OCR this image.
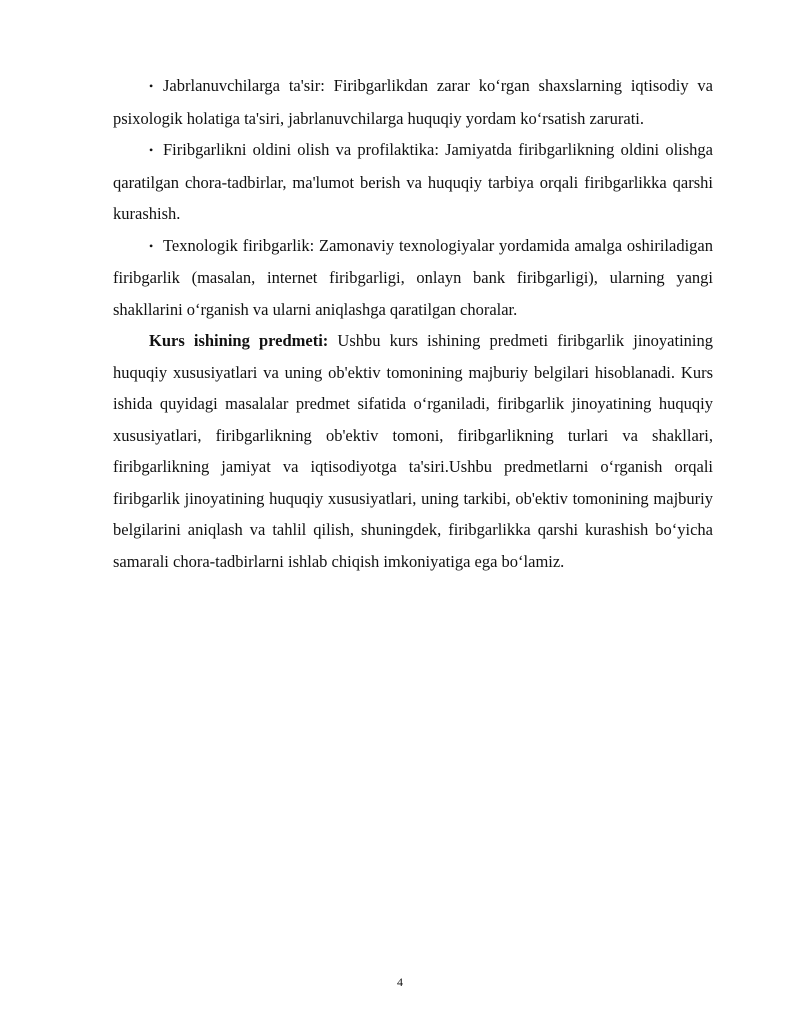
• Jabrlanuvchilarga ta'sir: Firibgarlikdan zarar ko‘rgan shaxslarning iqtisodiy va psixologik holatiga ta'siri, jabrlanuvchilarga huquqiy yordam ko‘rsatish zarurati.

• Firibgarlikni oldini olish va profilaktika: Jamiyatda firibgarlikning oldini olishga qaratilgan chora-tadbirlar, ma'lumot berish va huquqiy tarbiya orqali firibgarlikka qarshi kurashish.

• Texnologik firibgarlik: Zamonaviy texnologiyalar yordamida amalga oshiriladigan firibgarlik (masalan, internet firibgarligi, onlayn bank firibgarligi), ularning yangi shakllarini o‘rganish va ularni aniqlashga qaratilgan choralar.

Kurs ishining predmeti: Ushbu kurs ishining predmeti firibgarlik jinoyatining huquqiy xususiyatlari va uning ob'ektiv tomonining majburiy belgilari hisoblanadi. Kurs ishida quyidagi masalalar predmet sifatida o‘rganiladi, firibgarlik jinoyatining huquqiy xususiyatlari, firibgarlikning ob'ektiv tomoni, firibgarlikning turlari va shakllari, firibgarlikning jamiyat va iqtisodiyotga ta'siri.Ushbu predmetlarni o‘rganish orqali firibgarlik jinoyatining huquqiy xususiyatlari, uning tarkibi, ob'ektiv tomonining majburiy belgilarini aniqlash va tahlil qilish, shuningdek, firibgarlikka qarshi kurashish bo‘yicha samarali chora-tadbirlarni ishlab chiqish imkoniyatiga ega bo‘lamiz.

4
